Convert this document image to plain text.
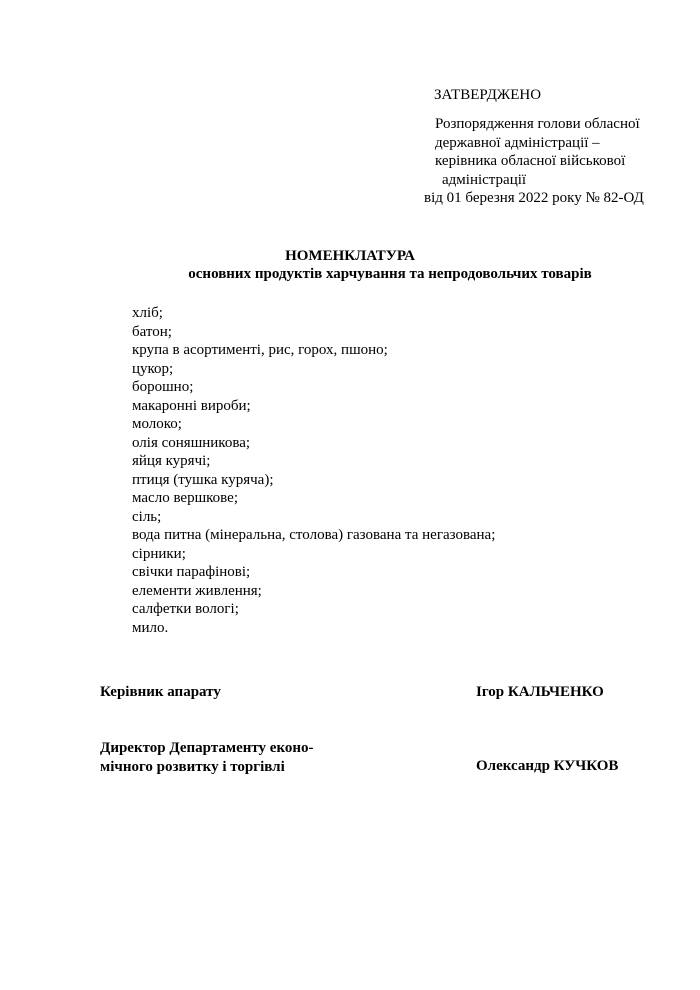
ЗАТВЕРДЖЕНО
Розпорядження голови обласної
державної адміністрації –
керівника обласної військової
адміністрації
від 01 березня 2022 року № 82-ОД
НОМЕНКЛАТУРА
основних продуктів харчування та непродовольчих товарів
хліб;
батон;
крупа в асортименті, рис, горох, пшоно;
цукор;
борошно;
макаронні вироби;
молоко;
олія соняшникова;
яйця курячі;
птиця (тушка куряча);
масло вершкове;
сіль;
вода питна (мінеральна, столова) газована та негазована;
сірники;
свічки парафінові;
елементи живлення;
салфетки вологі;
мило.
Керівник апарату	Ігор КАЛЬЧЕНКО
Директор Департаменту еконо-
мічного розвитку і торгівлі	Олександр КУЧКОВ
